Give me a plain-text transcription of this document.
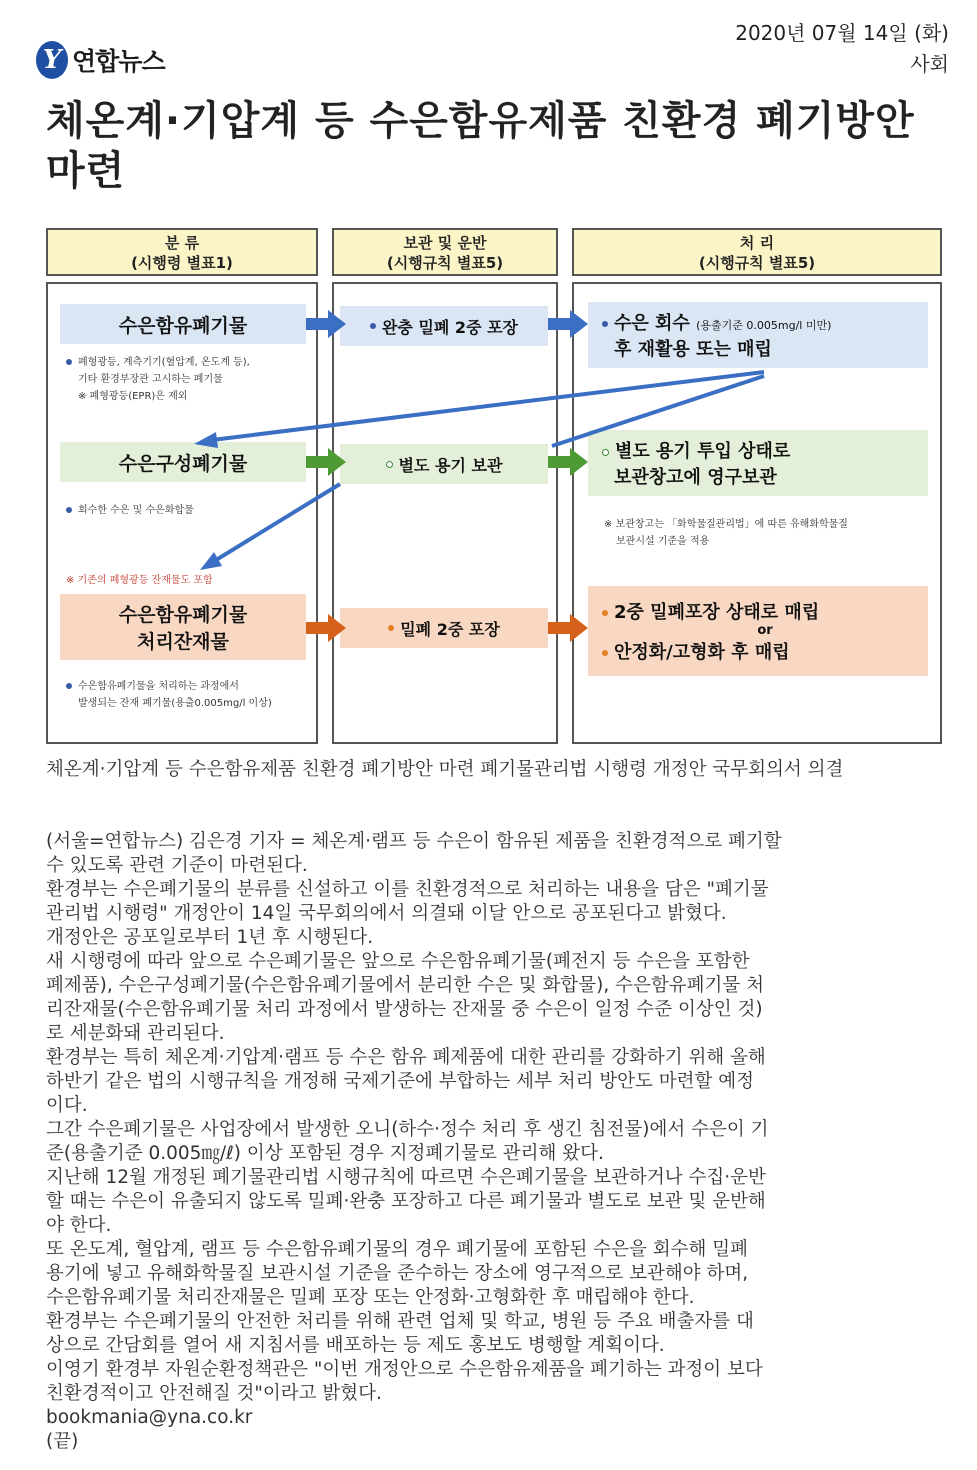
Y 연합뉴스
2020년 07월 14일 (화)
사회
체온계·기압계 등 수은함유제품 친환경 폐기방안 마련
분 류
(시행령 별표1)
보관 및 운반
(시행규칙 별표5)
처 리
(시행규칙 별표5)
수은함유폐기물
폐형광등, 계측기기(혈압계, 온도계 등),
기타 환경부장관 고시하는 폐기물
※ 폐형광등(EPR)은 제외
완충 밀폐 2중 포장	수은 회수 (용출기준 0.005mg/l 미만)
후 재활용 또는 매립
수은구성폐기물
회수한 수은 및 수은화합물
별도 용기 보관
별도 용기 투입 상태로
보관창고에 영구보관
※ 보관창고는 「화학물질관리법」에 따른 유해화학물질
보관시설 기준을 적용
※ 기존의 폐형광등 잔재물도 포함
수은함유폐기물
처리잔재물
수은함유폐기물을 처리하는 과정에서
발생되는 잔재 폐기물(용출0.005mg/l 이상)
밀폐 2중 포장
2중 밀폐포장 상태로 매립
or
안정화/고형화 후 매립

체온계·기압계 등 수은함유제품 친환경 폐기방안 마련 폐기물관리법 시행령 개정안 국무회의서 의결

(서울=연합뉴스) 김은경 기자 = 체온계·램프 등 수은이 함유된 제품을 친환경적으로 폐기할

수 있도록 관련 기준이 마련된다.

환경부는 수은폐기물의 분류를 신설하고 이를 친환경적으로 처리하는 내용을 담은 "폐기물

관리법 시행령" 개정안이 14일 국무회의에서 의결돼 이달 안으로 공포된다고 밝혔다.

개정안은 공포일로부터 1년 후 시행된다.

새 시행령에 따라 앞으로 수은폐기물은 앞으로 수은함유폐기물(폐전지 등 수은을 포함한

폐제품), 수은구성폐기물(수은함유폐기물에서 분리한 수은 및 화합물), 수은함유폐기물 처

리잔재물(수은함유폐기물 처리 과정에서 발생하는 잔재물 중 수은이 일정 수준 이상인 것)

로 세분화돼 관리된다.

환경부는 특히 체온계·기압계·램프 등 수은 함유 폐제품에 대한 관리를 강화하기 위해 올해

하반기 같은 법의 시행규칙을 개정해 국제기준에 부합하는 세부 처리 방안도 마련할 예정

이다.

그간 수은폐기물은 사업장에서 발생한 오니(하수·정수 처리 후 생긴 침전물)에서 수은이 기

준(용출기준 0.005㎎/ℓ) 이상 포함된 경우 지정폐기물로 관리해 왔다.

지난해 12월 개정된 폐기물관리법 시행규칙에 따르면 수은폐기물을 보관하거나 수집·운반

할 때는 수은이 유출되지 않도록 밀폐·완충 포장하고 다른 폐기물과 별도로 보관 및 운반해

야 한다.

또 온도계, 혈압계, 램프 등 수은함유폐기물의 경우 폐기물에 포함된 수은을 회수해 밀폐

용기에 넣고 유해화학물질 보관시설 기준을 준수하는 장소에 영구적으로 보관해야 하며,

수은함유폐기물 처리잔재물은 밀폐 포장 또는 안정화·고형화한 후 매립해야 한다.

환경부는 수은폐기물의 안전한 처리를 위해 관련 업체 및 학교, 병원 등 주요 배출자를 대

상으로 간담회를 열어 새 지침서를 배포하는 등 제도 홍보도 병행할 계획이다.

이영기 환경부 자원순환정책관은 "이번 개정안으로 수은함유제품을 폐기하는 과정이 보다

친환경적이고 안전해질 것"이라고 밝혔다.

bookmania@yna.co.kr

(끝)
